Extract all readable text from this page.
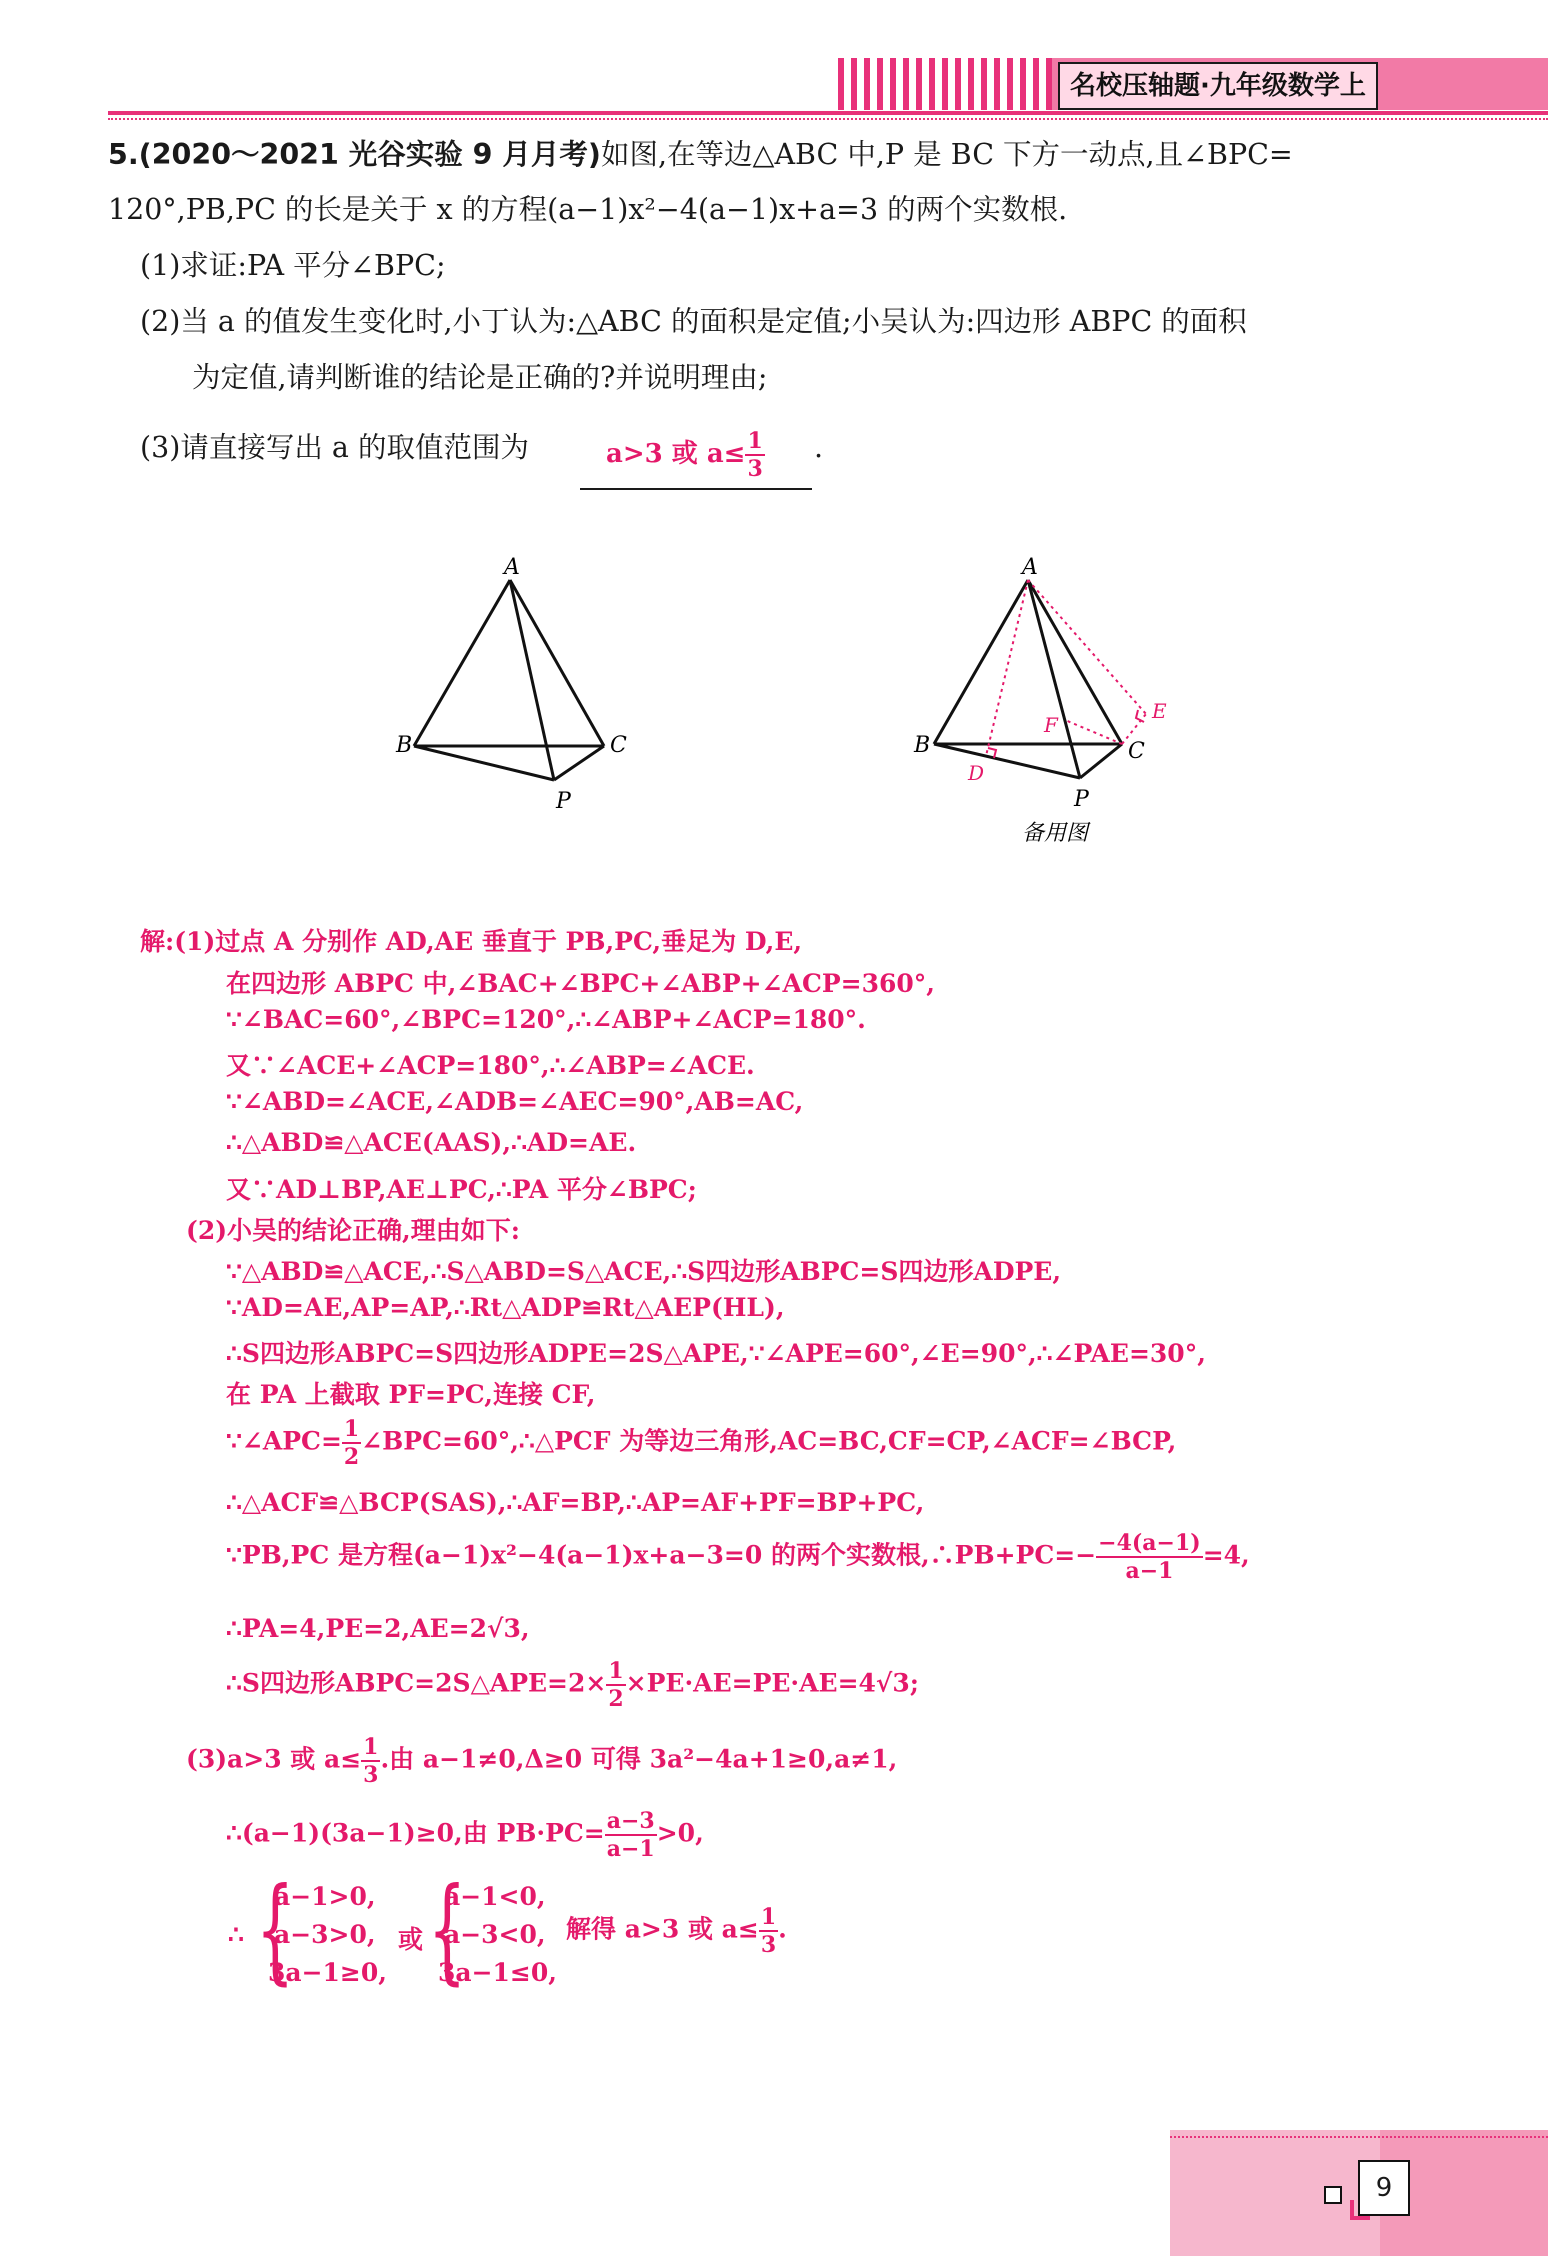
名校压轴题·九年级数学上
5.(2020～2021 光谷实验 9 月月考)如图,在等边△ABC 中,P 是 BC 下方一动点,且∠BPC=
120°,PB,PC 的长是关于 x 的方程(a−1)x²−4(a−1)x+a=3 的两个实数根.
(1)求证:PA 平分∠BPC;
(2)当 a 的值发生变化时,小丁认为:△ABC 的面积是定值;小吴认为:四边形 ABPC 的面积
为定值,请判断谁的结论是正确的?并说明理由;
(3)请直接写出 a 的取值范围为	a>3 或 $a\le \frac{1}{3}$ .
A
B	C
P
A
B	C
P
D
E
F
备用图
解:(1)过点 A 分别作 AD,AE 垂直于 PB,PC,垂足为 D,E,
在四边形 ABPC 中,∠BAC+∠BPC+∠ABP+∠ACP=360°,
∵∠BAC=60°,∠BPC=120°,∴∠ABP+∠ACP=180°.
又∵∠ACE+∠ACP=180°,∴∠ABP=∠ACE.
∵∠ABD=∠ACE,∠ADB=∠AEC=90°,AB=AC,
∴△ABD≌△ACE(AAS),∴AD=AE.
又∵AD⊥BP,AE⊥PC,∴PA 平分∠BPC;
(2)小吴的结论正确,理由如下:
∵△ABD≌△ACE,∴S△ABD=S△ACE,∴S四边形ABPC=S四边形ADPE,
∵AD=AE,AP=AP,∴Rt△ADP≌Rt△AEP(HL),
∴S四边形ABPC=S四边形ADPE=2S△APE,∵∠APE=60°,∠E=90°,∴∠PAE=30°,
在 PA 上截取 PF=PC,连接 CF,
∵∠APC= $\frac{1}{2}$ ∠BPC=60°,∴△PCF 为等边三角形,AC=BC,CF=CP,∠ACF=∠BCP,
∴△ACF≌△BCP(SAS),∴AF=BP,∴AP=AF+PF=BP+PC,
∵PB,PC 是方程(a−1)x²−4(a−1)x+a−3=0 的两个实数根,∴PB+PC=− $\frac{-4(a-1)}{a-1} =4$,
∴PA=4,PE=2,AE=2√3,
∴S四边形ABPC=2S△APE=2× $\frac{1}{2} \times PE\cdot AE=PE\cdot AE=4√3$;
(3)a>3 或 $a\le \frac{1}{3}$ .由 a−1≠0,Δ≥0 可得 3a²−4a+1≥0,a≠1,
∴(a−1)(3a−1)≥0,由 $PB\cdot PC= \frac{a-3}{a-1} >0$,
∴ {
a−1>0,
a−3>0,
3a−1≥0,
或 {
a−1<0,
a−3<0,
3a−1≤0,
解得 a>3 或 $a\le \frac{1}{3}$ .
9
